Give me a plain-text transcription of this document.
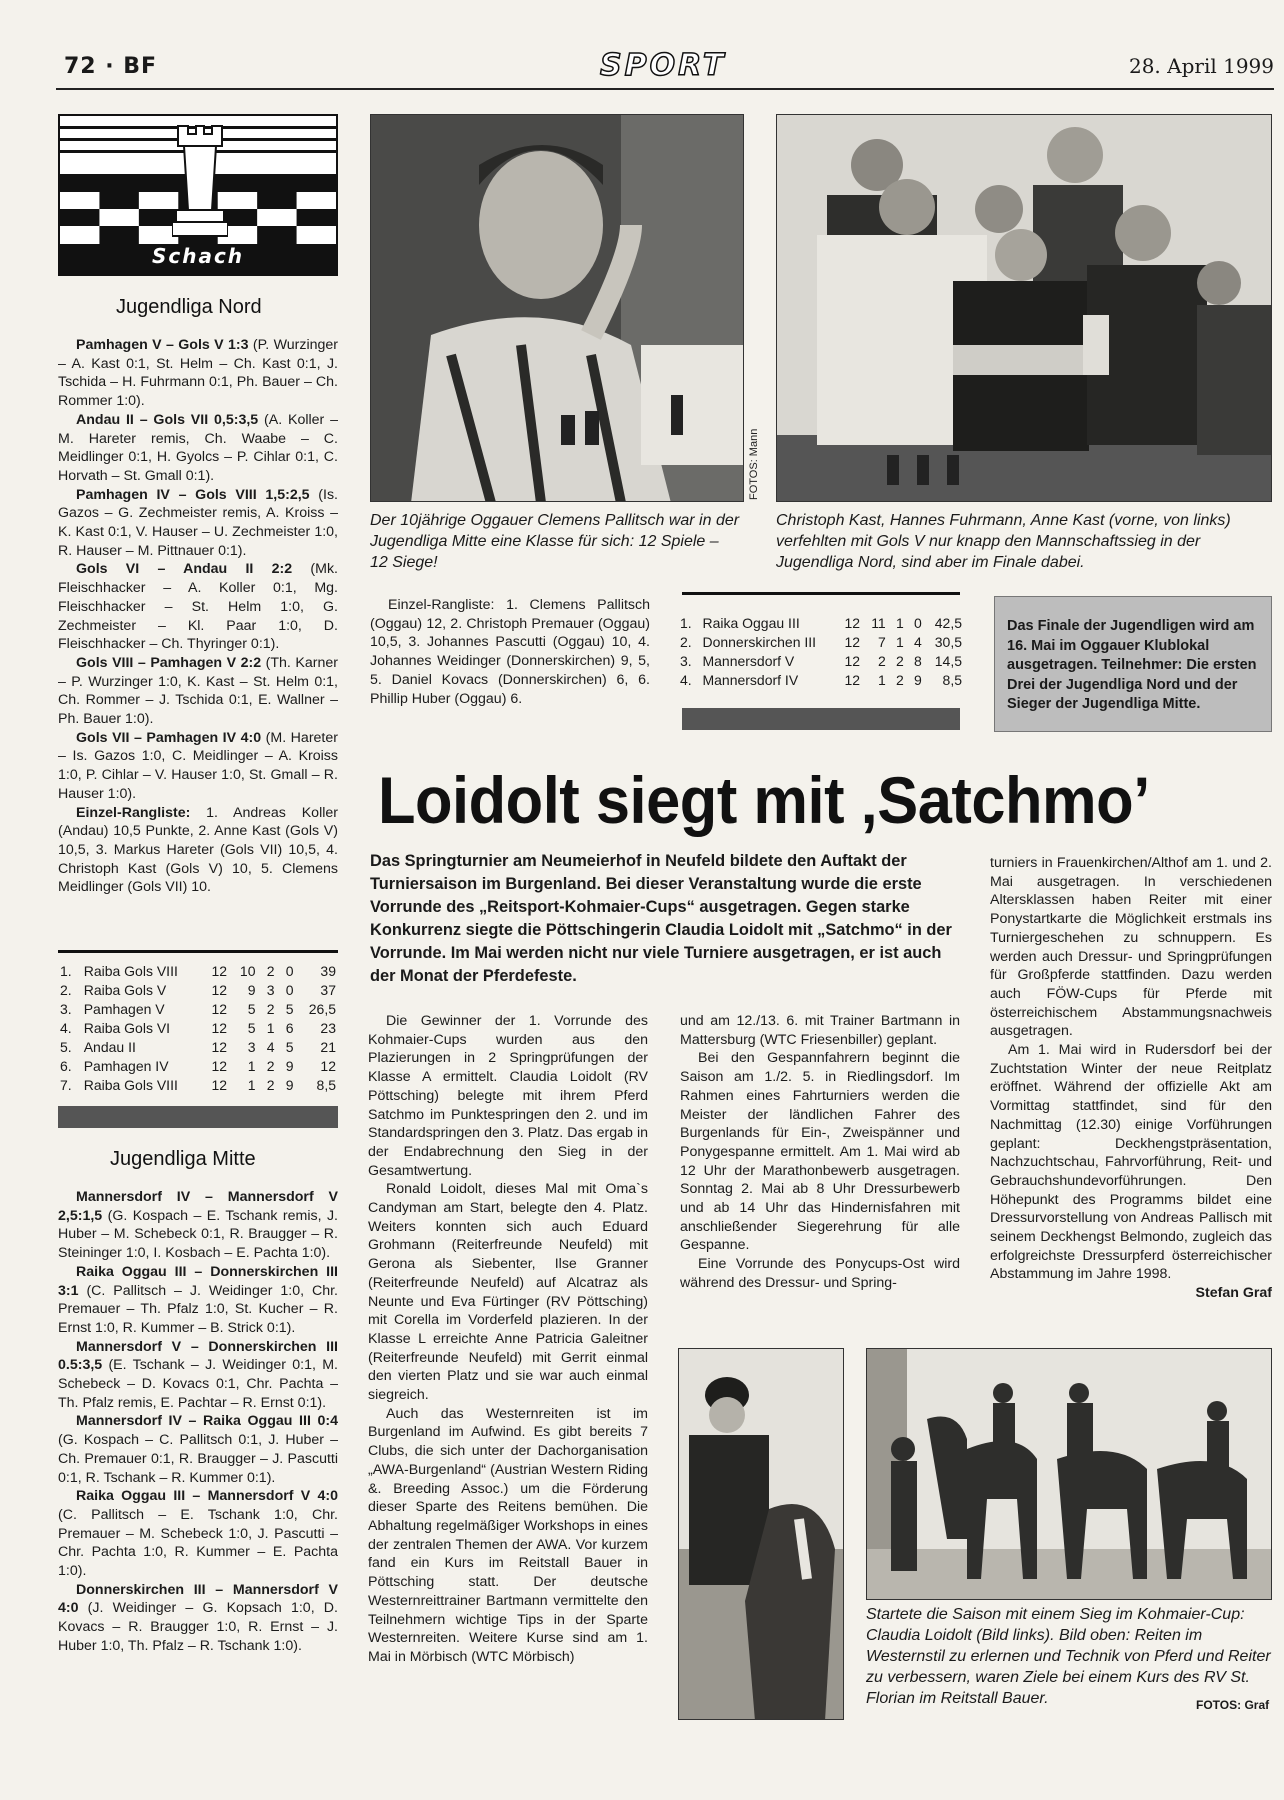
72 · BF	SPORT	28. April 1999
Schach
Jugendliga Nord

Pamhagen V – Gols V 1:3 (P. Wurzinger – A. Kast 0:1, St. Helm – Ch. Kast 0:1, J. Tschida – H. Fuhrmann 0:1, Ph. Bauer – Ch. Rommer 1:0).

Andau II – Gols VII 0,5:3,5 (A. Koller – M. Hareter remis, Ch. Waabe – C. Meidlinger 0:1, H. Gyolcs – P. Cihlar 0:1, C. Horvath – St. Gmall 0:1).

Pamhagen IV – Gols VIII 1,5:2,5 (Is. Gazos – G. Zechmeister remis, A. Kroiss – K. Kast 0:1, V. Hauser – U. Zechmeister 1:0, R. Hauser – M. Pittnauer 0:1).

Gols VI – Andau II 2:2 (Mk. Fleischhacker – A. Koller 0:1, Mg. Fleischhacker – St. Helm 1:0, G. Zechmeister – Kl. Paar 1:0, D. Fleischhacker – Ch. Thyringer 0:1).

Gols VIII – Pamhagen V 2:2 (Th. Karner – P. Wurzinger 1:0, K. Kast – St. Helm 0:1, Ch. Rommer – J. Tschida 0:1, E. Wallner – Ph. Bauer 1:0).

Gols VII – Pamhagen IV 4:0 (M. Hareter – Is. Gazos 1:0, C. Meidlinger – A. Kroiss 1:0, P. Cihlar – V. Hauser 1:0, St. Gmall – R. Hauser 1:0).

Einzel-Rangliste: 1. Andreas Koller (Andau) 10,5 Punkte, 2. Anne Kast (Gols V) 10,5, 3. Markus Hareter (Gols VII) 10,5, 4. Christoph Kast (Gols V) 10, 5. Clemens Meidlinger (Gols VII) 10.

1.	Raiba Gols VIII	12	10	2	0	39
2.	Raiba Gols V	12	9	3	0	37
3.	Pamhagen V	12	5	2	5	26,5
4.	Raiba Gols VI	12	5	1	6	23
5.	Andau II	12	3	4	5	21
6.	Pamhagen IV	12	1	2	9	12
7.	Raiba Gols VIII	12	1	2	9	8,5
Jugendliga Mitte

Mannersdorf IV – Mannersdorf V 2,5:1,5 (G. Kospach – E. Tschank remis, J. Huber – M. Schebeck 0:1, R. Braugger – R. Steininger 1:0, I. Kosbach – E. Pachta 1:0).

Raika Oggau III – Donnerskirchen III 3:1 (C. Pallitsch – J. Weidinger 1:0, Chr. Premauer – Th. Pfalz 1:0, St. Kucher – R. Ernst 1:0, R. Kummer – B. Strick 0:1).

Mannersdorf V – Donnerskirchen III 0.5:3,5 (E. Tschank – J. Weidinger 0:1, M. Schebeck – D. Kovacs 0:1, Chr. Pachta – Th. Pfalz remis, E. Pachtar – R. Ernst 0:1).

Mannersdorf IV – Raika Oggau III 0:4 (G. Kospach – C. Pallitsch 0:1, J. Huber – Ch. Premauer 0:1, R. Braugger – J. Pascutti 0:1, R. Tschank – R. Kummer 0:1).

Raika Oggau III – Mannersdorf V 4:0 (C. Pallitsch – E. Tschank 1:0, Chr. Premauer – M. Schebeck 1:0, J. Pascutti – Chr. Pachta 1:0, R. Kummer – E. Pachta 1:0).

Donnerskirchen III – Mannersdorf V 4:0 (J. Weidinger – G. Kopsach 1:0, D. Kovacs – R. Braugger 1:0, R. Ernst – J. Huber 1:0, Th. Pfalz – R. Tschank 1:0).

FOTOS: Mann
Der 10jährige Oggauer Clemens Pallitsch war in der Jugendliga Mitte eine Klasse für sich: 12 Spiele – 12 Siege!
Christoph Kast, Hannes Fuhrmann, Anne Kast (vorne, von links) verfehlten mit Gols V nur knapp den Mannschaftssieg in der Jugendliga Nord, sind aber im Finale dabei.

Einzel-Rangliste: 1. Clemens Pallitsch (Oggau) 12, 2. Christoph Premauer (Oggau) 10,5, 3. Johannes Pascutti (Oggau) 10, 4. Johannes Weidinger (Donnerskirchen) 9, 5, 5. Daniel Kovacs (Donnerskirchen) 6, 6. Phillip Huber (Oggau) 6.

1.	Raika Oggau III	12	11	1	0	42,5
2.	Donnerskirchen III	12	7	1	4	30,5
3.	Mannersdorf V	12	2	2	8	14,5
4.	Mannersdorf IV	12	1	2	9	8,5
Das Finale der Jugendligen wird am 16. Mai im Oggauer Klublokal ausgetragen. Teilnehmer: Die ersten Drei der Jugendliga Nord und der Sieger der Jugendliga Mitte.
Loidolt siegt mit ‚Satchmo’
Das Springturnier am Neumeierhof in Neufeld bildete den Auftakt der Turniersaison im Burgenland. Bei dieser Veranstaltung wurde die erste Vorrunde des „Reitsport-Kohmaier-Cups“ ausgetragen. Gegen starke Konkurrenz siegte die Pöttschingerin Claudia Loidolt mit „Satchmo“ in der Vorrunde. Im Mai werden nicht nur viele Turniere ausgetragen, er ist auch der Monat der Pferdefeste.

Die Gewinner der 1. Vorrunde des Kohmaier-Cups wurden aus den Plazierungen in 2 Springprüfungen der Klasse A ermittelt. Claudia Loidolt (RV Pöttsching) belegte mit ihrem Pferd Satchmo im Punktespringen den 2. und im Standardspringen den 3. Platz. Das ergab in der Endabrechnung den Sieg in der Gesamtwertung.

Ronald Loidolt, dieses Mal mit Oma`s Candyman am Start, belegte den 4. Platz. Weiters konnten sich auch Eduard Grohmann (Reiterfreunde Neufeld) mit Gerona als Siebenter, Ilse Granner (Reiterfreunde Neufeld) auf Alcatraz als Neunte und Eva Fürtinger (RV Pöttsching) mit Corella im Vorderfeld plazieren. In der Klasse L erreichte Anne Patricia Galeitner (Reiterfreunde Neufeld) mit Gerrit einmal den vierten Platz und sie war auch einmal siegreich.

Auch das Westernreiten ist im Burgenland im Aufwind. Es gibt bereits 7 Clubs, die sich unter der Dachorganisation „AWA-Burgenland“ (Austrian Western Riding &. Breeding Assoc.) um die Förderung dieser Sparte des Reitens bemühen. Die Abhaltung regelmäßiger Workshops in eines der zentralen Themen der AWA. Vor kurzem fand ein Kurs im Reitstall Bauer in Pöttsching statt. Der deutsche Westernreittrainer Bartmann vermittelte den Teilnehmern wichtige Tips in der Sparte Westernreiten. Weitere Kurse sind am 1. Mai in Mörbisch (WTC Mörbisch)

und am 12./13. 6. mit Trainer Bartmann in Mattersburg (WTC Friesenbiller) geplant.

Bei den Gespannfahrern beginnt die Saison am 1./2. 5. in Riedlingsdorf. Im Rahmen eines Fahrturniers werden die Meister der ländlichen Fahrer des Burgenlands für Ein-, Zweispänner und Ponygespanne ermittelt. Am 1. Mai wird ab 12 Uhr der Marathonbewerb ausgetragen. Sonntag 2. Mai ab 8 Uhr Dressurbewerb und ab 14 Uhr das Hindernisfahren mit anschließender Siegerehrung für alle Gespanne.

Eine Vorrunde des Ponycups-Ost wird während des Dressur- und Spring-

turniers in Frauenkirchen/Althof am 1. und 2. Mai ausgetragen. In verschiedenen Altersklassen haben Reiter mit einer Ponystartkarte die Möglichkeit erstmals ins Turniergeschehen zu schnuppern. Es werden auch Dressur- und Springprüfungen für Großpferde stattfinden. Dazu werden auch FÖW-Cups für Pferde mit österreichischem Abstammungsnachweis ausgetragen.

Am 1. Mai wird in Rudersdorf bei der Zuchtstation Winter der neue Reitplatz eröffnet. Während der offizielle Akt am Vormittag stattfindet, sind für den Nachmittag (12.30) einige Vorführungen geplant: Deckhengstpräsentation, Nachzuchtschau, Fahrvorführung, Reit- und Gebrauchshundevorführungen. Den Höhepunkt des Programms bildet eine Dressurvorstellung von Andreas Pallisch mit seinem Deckhengst Belmondo, zugleich das erfolgreichste Dressurpferd österreichischer Abstammung im Jahre 1998.

Stefan Graf
Startete die Saison mit einem Sieg im Kohmaier-Cup: Claudia Loidolt (Bild links). Bild oben: Reiten im Westernstil zu erlernen und Technik von Pferd und Reiter zu verbessern, waren Ziele bei einem Kurs des RV St. Florian im Reitstall Bauer.	FOTOS: Graf
